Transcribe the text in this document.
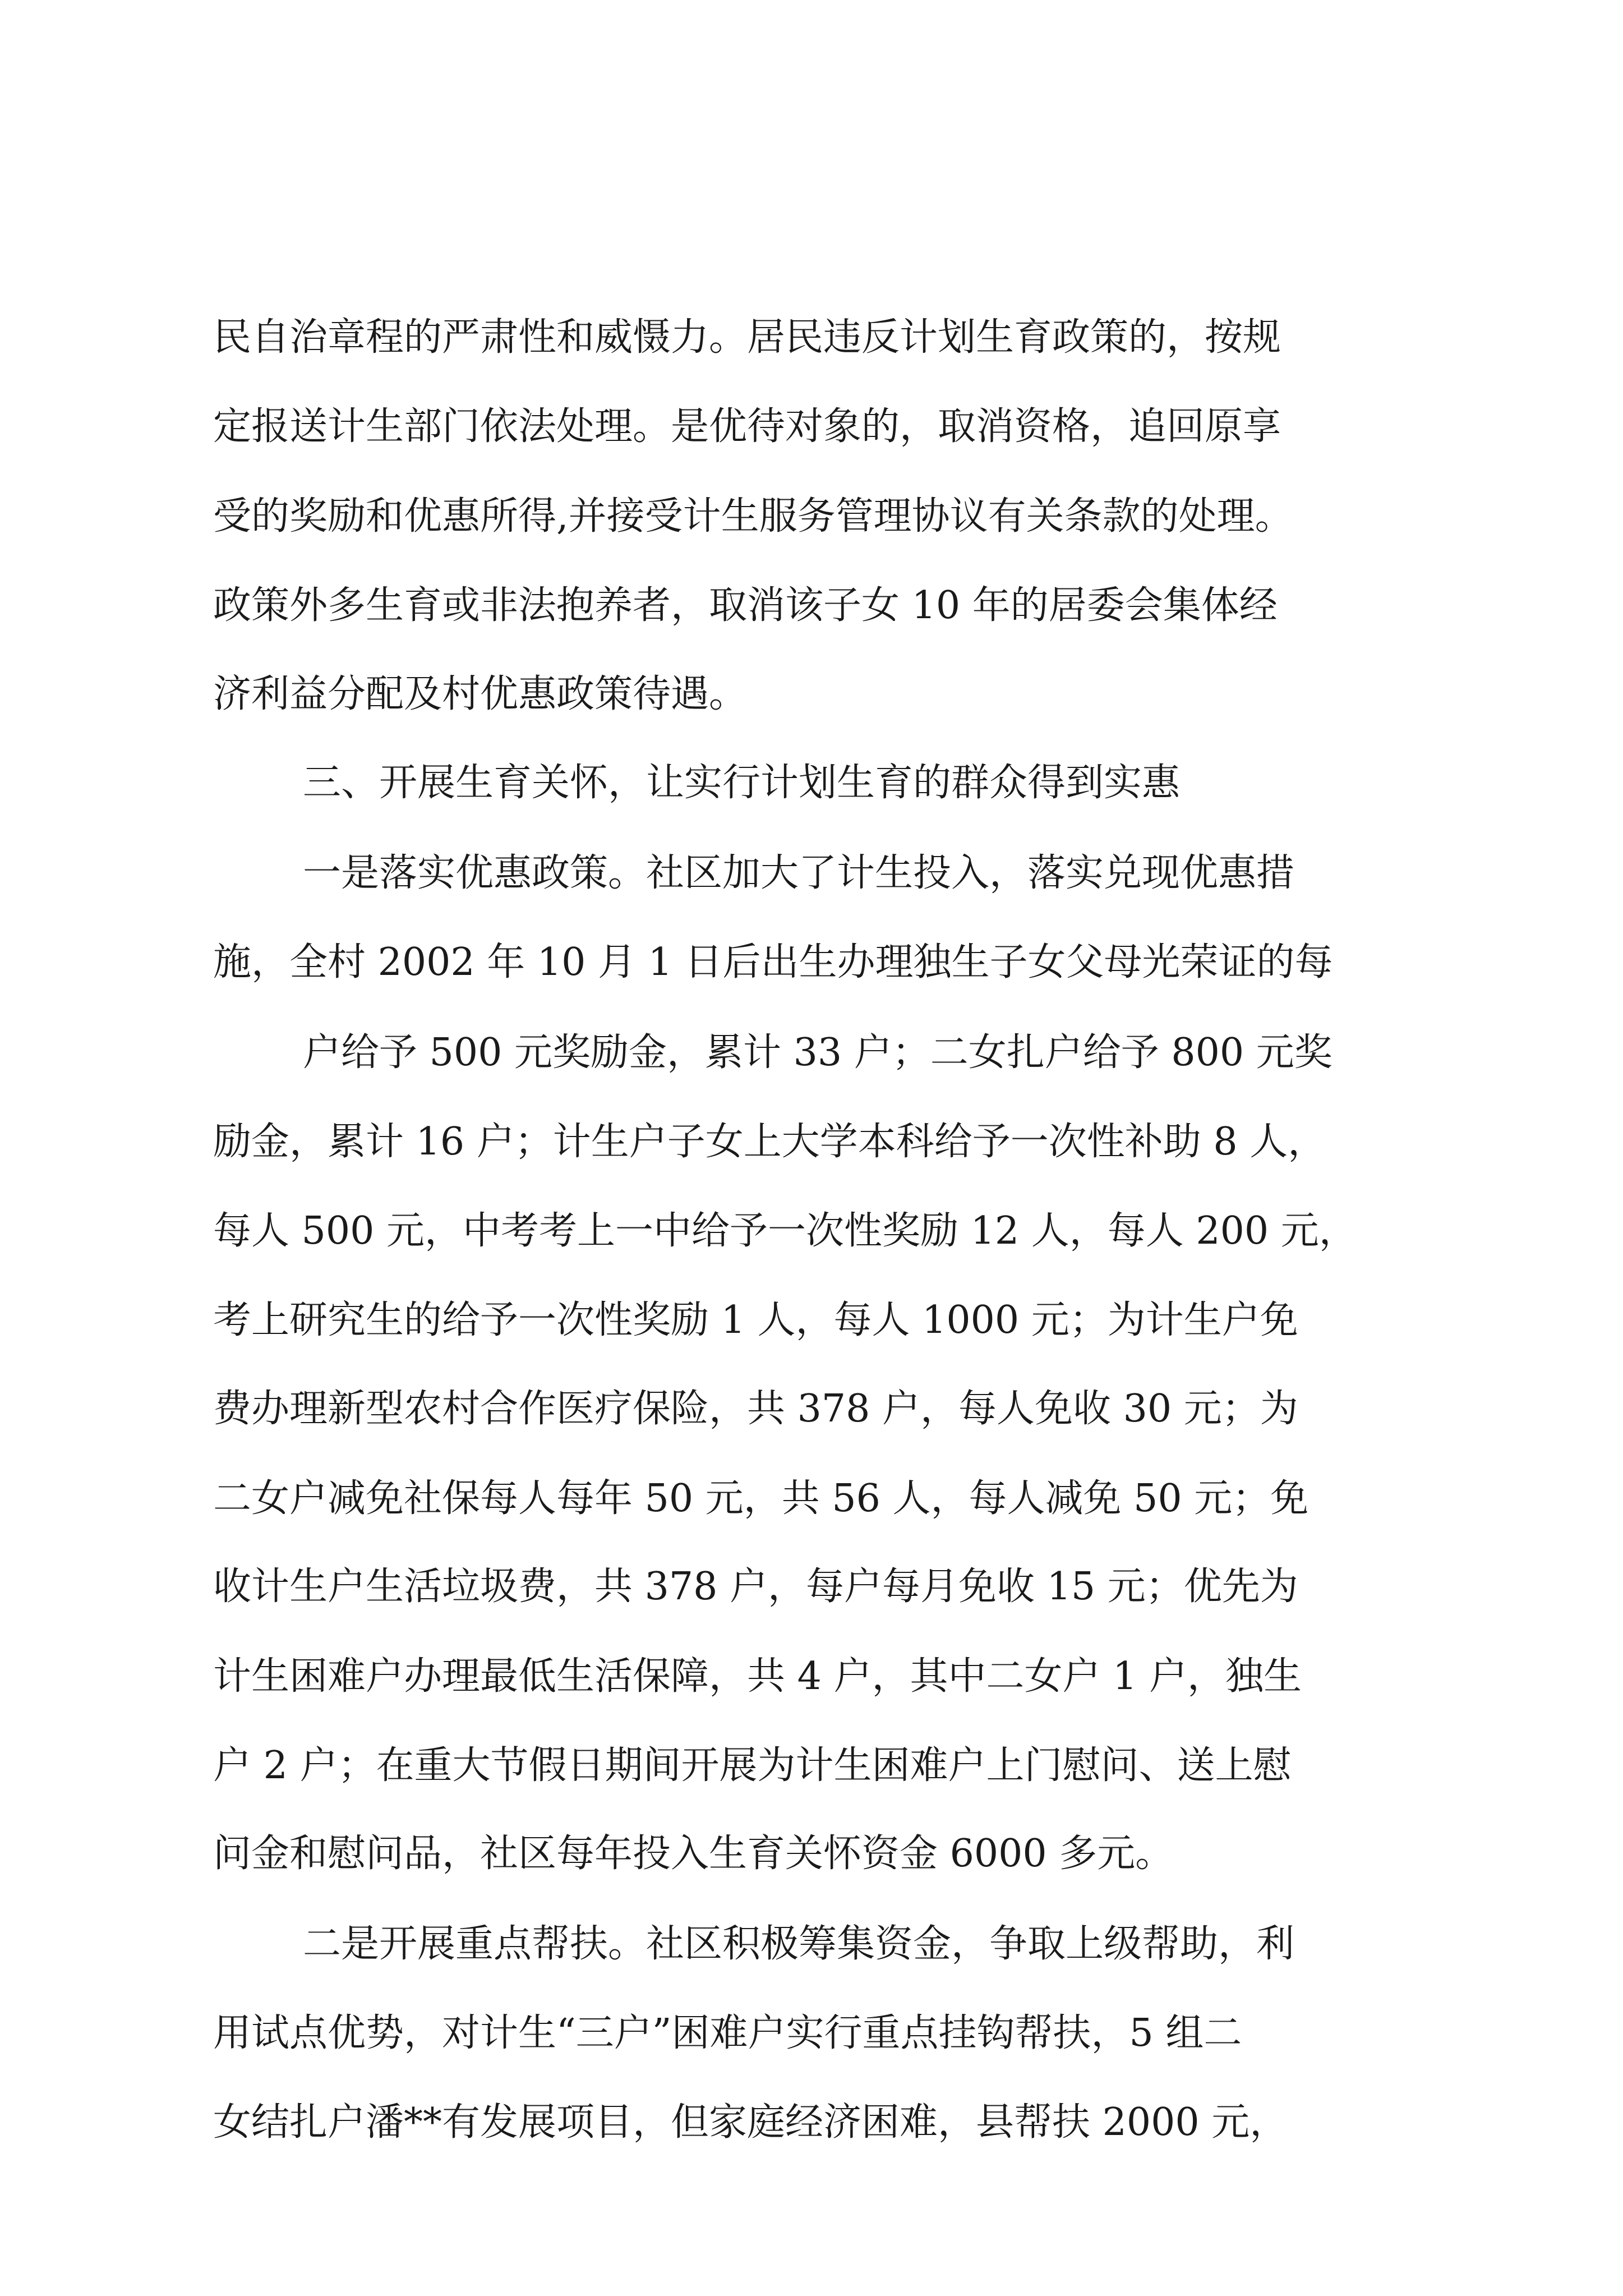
民自治章程的严肃性和威慑力。居民违反计划生育政策的，按规
定报送计生部门依法处理。是优待对象的，取消资格，追回原享
受的奖励和优惠所得,并接受计生服务管理协议有关条款的处理。
政策外多生育或非法抱养者，取消该子女 10 年的居委会集体经
济利益分配及村优惠政策待遇。
三、开展生育关怀，让实行计划生育的群众得到实惠
一是落实优惠政策。社区加大了计生投入，落实兑现优惠措
施，全村 2002 年 10 月 1 日后出生办理独生子女父母光荣证的每
户给予 500 元奖励金，累计 33 户；二女扎户给予 800 元奖
励金，累计 16 户；计生户子女上大学本科给予一次性补助 8 人，
每人 500 元，中考考上一中给予一次性奖励 12 人，每人 200 元，
考上研究生的给予一次性奖励 1 人，每人 1000 元；为计生户免
费办理新型农村合作医疗保险，共 378 户，每人免收 30 元；为
二女户减免社保每人每年 50 元，共 56 人，每人减免 50 元；免
收计生户生活垃圾费，共 378 户，每户每月免收 15 元；优先为
计生困难户办理最低生活保障，共 4 户，其中二女户 1 户，独生
户 2 户；在重大节假日期间开展为计生困难户上门慰问、送上慰
问金和慰问品，社区每年投入生育关怀资金 6000 多元。
二是开展重点帮扶。社区积极筹集资金，争取上级帮助，利
用试点优势，对计生“三户”困难户实行重点挂钩帮扶，5 组二
女结扎户潘**有发展项目，但家庭经济困难，县帮扶 2000 元，
